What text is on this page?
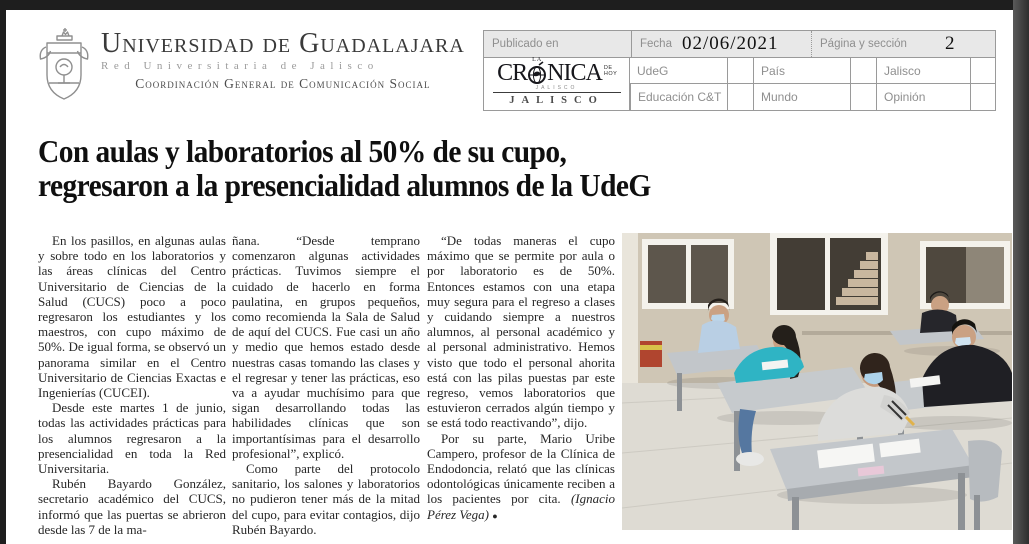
Universidad de Guadalajara
Red Universitaria de Jalisco
Coordinación General de Comunicación Social
Publicado en	Fecha 02/06/2021	Página y sección 2
CR LA NICA DE HOY
JALISCO
JALISCO
UdeG	País	Jalisco
Educación C&T	Mundo	Opinión
Con aulas y laboratorios al 50% de su cupo,
regresaron a la presencialidad alumnos de la UdeG

En los pasillos, en algunas aulas y sobre todo en los laboratorios y las áreas clínicas del Centro Universitario de Ciencias de la Salud (CUCS) poco a poco regresaron los estudiantes y los maestros, con cupo máximo de 50%. De igual forma, se observó un panorama similar en el Centro Universitario de Ciencias Exactas e Ingenierías (CUCEI).

Desde este martes 1 de junio, todas las actividades prácticas para los alumnos regresaron a la presencialidad en toda la Red Universitaria.

Rubén Bayardo González, secretario académico del CUCS, informó que las puertas se abrieron desde las 7 de la ma-

ñana. “Desde temprano comenzaron algunas actividades prácticas. Tuvimos siempre el cuidado de hacerlo en forma paulatina, en grupos pequeños, como recomienda la Sala de Salud de aquí del CUCS. Fue casi un año y medio que hemos estado desde nuestras casas tomando las clases y el regresar y tener las prácticas, eso va a ayudar muchísimo para que sigan desarrollando todas las habilidades clínicas que son importantísimas para el desarrollo profesional”, explicó.

Como parte del protocolo sanitario, los salones y laboratorios no pudieron tener más de la mitad del cupo, para evitar contagios, dijo Rubén Bayardo.

“De todas maneras el cupo máximo que se permite por aula o por laboratorio es de 50%. Entonces estamos con una etapa muy segura para el regreso a clases y cuidando siempre a nuestros alumnos, al personal académico y al personal administrativo. Hemos visto que todo el personal ahorita está con las pilas puestas par este regreso, vemos laboratorios que estuvieron cerrados algún tiempo y se está todo reactivando”, dijo.

Por su parte, Mario Uribe Campero, profesor de la Clínica de Endodoncia, relató que las clínicas odontológicas únicamente reciben a los pacientes por cita. (Ignacio Pérez Vega) ●
